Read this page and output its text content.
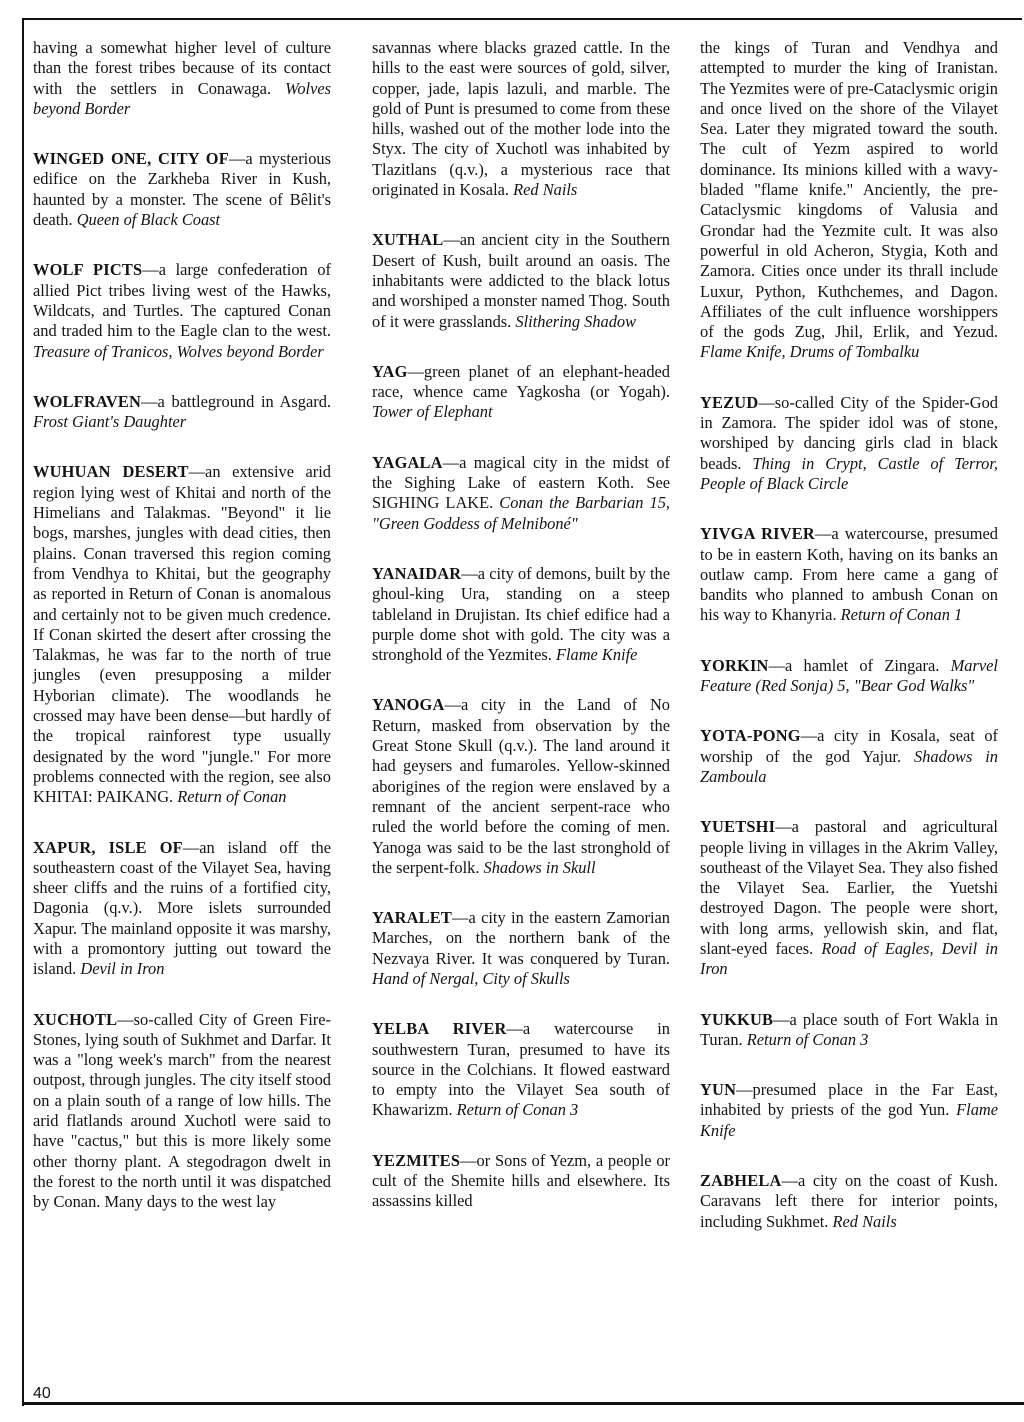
having a somewhat higher level of culture than the forest tribes because of its contact with the settlers in Conawaga. Wolves beyond Border

WINGED ONE, CITY OF—a mysterious edifice on the Zarkheba River in Kush, haunted by a monster. The scene of Bêlit's death. Queen of Black Coast

WOLF PICTS—a large confederation of allied Pict tribes living west of the Hawks, Wildcats, and Turtles. The captured Conan and traded him to the Eagle clan to the west. Treasure of Tranicos, Wolves beyond Border

WOLFRAVEN—a battleground in Asgard. Frost Giant's Daughter

WUHUAN DESERT—an extensive arid region lying west of Khitai and north of the Himelians and Talakmas. "Beyond" it lie bogs, marshes, jungles with dead cities, then plains. Conan traversed this region coming from Vendhya to Khitai, but the geography as reported in Return of Conan is anomalous and certainly not to be given much credence. If Conan skirted the desert after crossing the Talakmas, he was far to the north of true jungles (even presupposing a milder Hyborian climate). The woodlands he crossed may have been dense—but hardly of the tropical rainforest type usually designated by the word "jungle." For more problems connected with the region, see also KHITAI: PAIKANG. Return of Conan

XAPUR, ISLE OF—an island off the southeastern coast of the Vilayet Sea, having sheer cliffs and the ruins of a fortified city, Dagonia (q.v.). More islets surrounded Xapur. The mainland opposite it was marshy, with a promontory jutting out toward the island. Devil in Iron

XUCHOTL—so-called City of Green Fire-Stones, lying south of Sukhmet and Darfar. It was a "long week's march" from the nearest outpost, through jungles. The city itself stood on a plain south of a range of low hills. The arid flatlands around Xuchotl were said to have "cactus," but this is more likely some other thorny plant. A stegodragon dwelt in the forest to the north until it was dispatched by Conan. Many days to the west lay

savannas where blacks grazed cattle. In the hills to the east were sources of gold, silver, copper, jade, lapis lazuli, and marble. The gold of Punt is presumed to come from these hills, washed out of the mother lode into the Styx. The city of Xuchotl was inhabited by Tlazitlans (q.v.), a mysterious race that originated in Kosala. Red Nails

XUTHAL—an ancient city in the Southern Desert of Kush, built around an oasis. The inhabitants were addicted to the black lotus and worshiped a monster named Thog. South of it were grasslands. Slithering Shadow

YAG—green planet of an elephant-headed race, whence came Yagkosha (or Yogah). Tower of Elephant

YAGALA—a magical city in the midst of the Sighing Lake of eastern Koth. See SIGHING LAKE. Conan the Barbarian 15, "Green Goddess of Melniboné"

YANAIDAR—a city of demons, built by the ghoul-king Ura, standing on a steep tableland in Drujistan. Its chief edifice had a purple dome shot with gold. The city was a stronghold of the Yezmites. Flame Knife

YANOGA—a city in the Land of No Return, masked from observation by the Great Stone Skull (q.v.). The land around it had geysers and fumaroles. Yellow-skinned aborigines of the region were enslaved by a remnant of the ancient serpent-race who ruled the world before the coming of men. Yanoga was said to be the last stronghold of the serpent-folk. Shadows in Skull

YARALET—a city in the eastern Zamorian Marches, on the northern bank of the Nezvaya River. It was conquered by Turan. Hand of Nergal, City of Skulls

YELBA RIVER—a watercourse in southwestern Turan, presumed to have its source in the Colchians. It flowed eastward to empty into the Vilayet Sea south of Khawarizm. Return of Conan 3

YEZMITES—or Sons of Yezm, a people or cult of the Shemite hills and elsewhere. Its assassins killed

the kings of Turan and Vendhya and attempted to murder the king of Iranistan. The Yezmites were of pre-Cataclysmic origin and once lived on the shore of the Vilayet Sea. Later they migrated toward the south. The cult of Yezm aspired to world dominance. Its minions killed with a wavy-bladed "flame knife." Anciently, the pre-Cataclysmic kingdoms of Valusia and Grondar had the Yezmite cult. It was also powerful in old Acheron, Stygia, Koth and Zamora. Cities once under its thrall include Luxur, Python, Kuthchemes, and Dagon. Affiliates of the cult influence worshippers of the gods Zug, Jhil, Erlik, and Yezud. Flame Knife, Drums of Tombalku

YEZUD—so-called City of the Spider-God in Zamora. The spider idol was of stone, worshiped by dancing girls clad in black beads. Thing in Crypt, Castle of Terror, People of Black Circle

YIVGA RIVER—a watercourse, presumed to be in eastern Koth, having on its banks an outlaw camp. From here came a gang of bandits who planned to ambush Conan on his way to Khanyria. Return of Conan 1

YORKIN—a hamlet of Zingara. Marvel Feature (Red Sonja) 5, "Bear God Walks"

YOTA-PONG—a city in Kosala, seat of worship of the god Yajur. Shadows in Zamboula

YUETSHI—a pastoral and agricultural people living in villages in the Akrim Valley, southeast of the Vilayet Sea. They also fished the Vilayet Sea. Earlier, the Yuetshi destroyed Dagon. The people were short, with long arms, yellowish skin, and flat, slant-eyed faces. Road of Eagles, Devil in Iron

YUKKUB—a place south of Fort Wakla in Turan. Return of Conan 3

YUN—presumed place in the Far East, inhabited by priests of the god Yun. Flame Knife

ZABHELA—a city on the coast of Kush. Caravans left there for interior points, including Sukhmet. Red Nails

40
